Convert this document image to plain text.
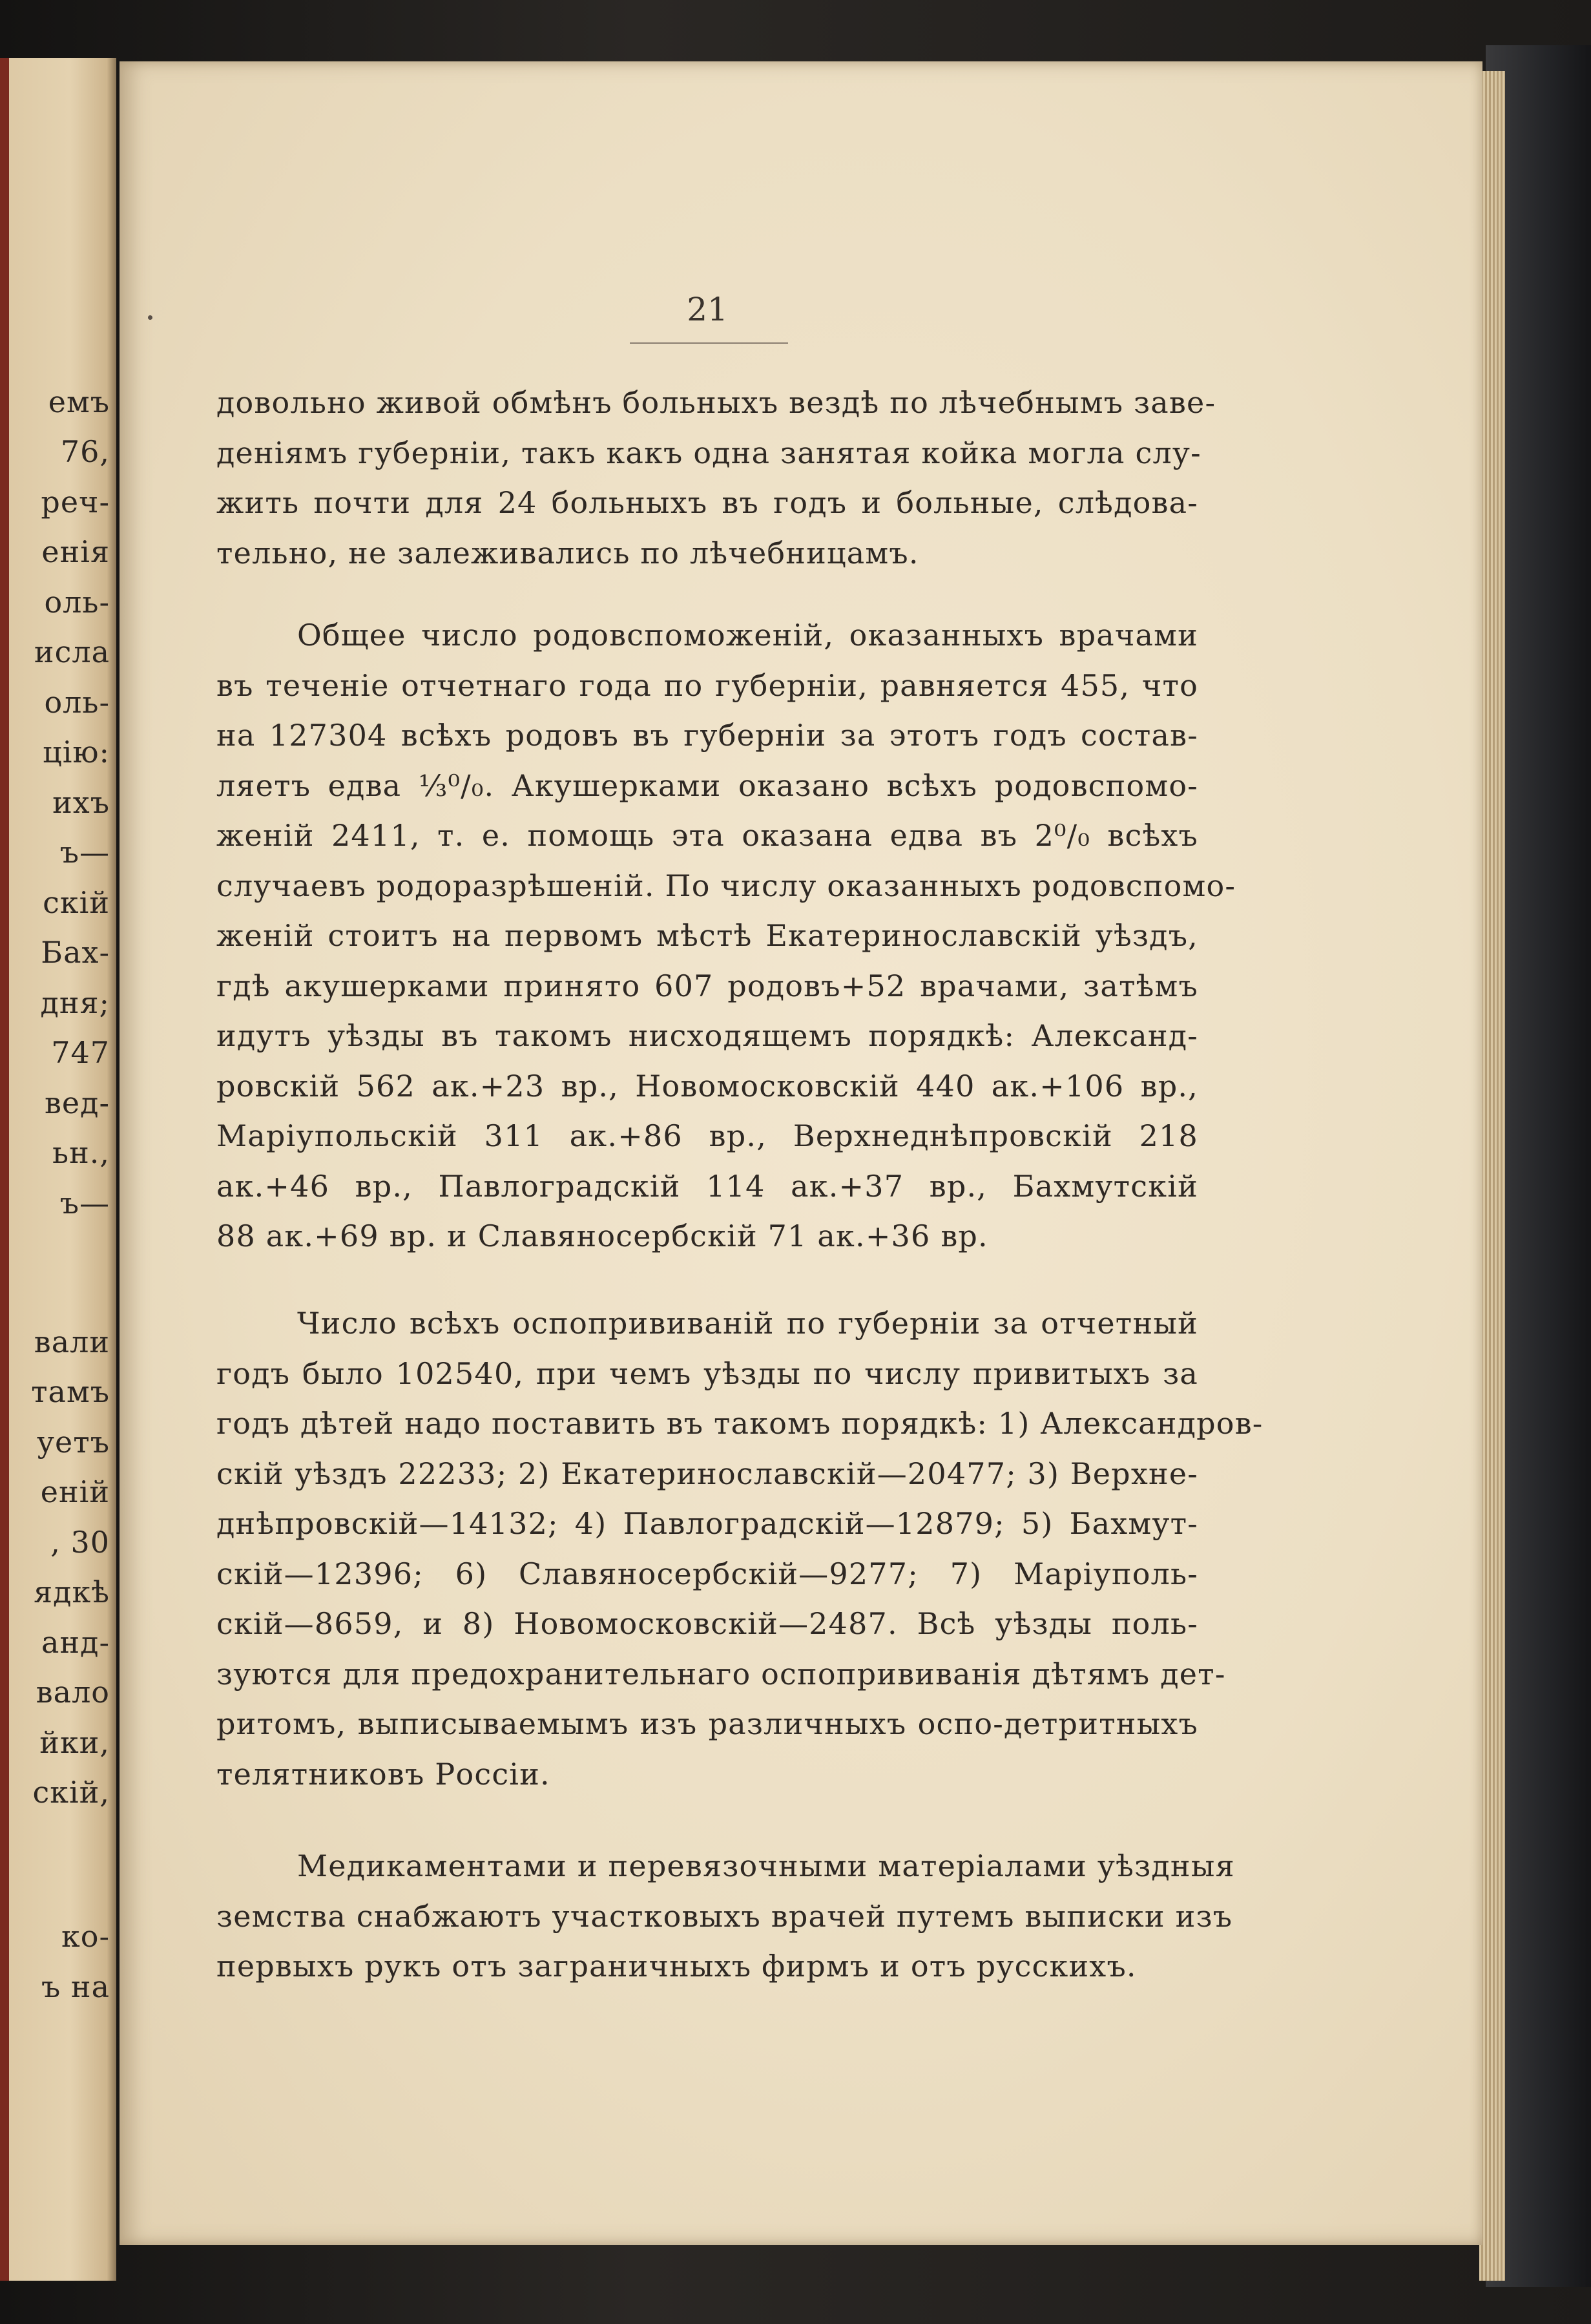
емъ
76,
реч-
енія
оль-
исла
оль-
цію:
ихъ
ъ—
скій
Бах-
дня;
747
вед-
ьн.,
ъ—
вали
тамъ
уетъ
еній
, 30
ядкѣ
анд-
вало
йки,
скій,
ко-
ъ на
21
довольно живой обмѣнъ больныхъ вездѣ по лѣчебнымъ заве-
деніямъ губерніи, такъ какъ одна занятая койка могла слу-
жить почти для 24 больныхъ въ годъ и больные, слѣдова-
тельно, не залеживались по лѣчебницамъ.
Общее число родовспоможеній, оказанныхъ врачами
въ теченіе отчетнаго года по губерніи, равняется 455, что
на 127304 всѣхъ родовъ въ губерніи за этотъ годъ состав-
ляетъ едва ⅓⁰/₀. Акушерками оказано всѣхъ родовспомо-
женій 2411, т. е. помощь эта оказана едва въ 2⁰/₀ всѣхъ
случаевъ родоразрѣшеній. По числу оказанныхъ родовспомо-
женій стоитъ на первомъ мѣстѣ Екатеринославскій уѣздъ,
гдѣ акушерками принято 607 родовъ+52 врачами, затѣмъ
идутъ уѣзды въ такомъ нисходящемъ порядкѣ: Александ-
ровскій 562 ак.+23 вр., Новомосковскій 440 ак.+106 вр.,
Маріупольскій 311 ак.+86 вр., Верхнеднѣпровскій 218
ак.+46 вр., Павлоградскій 114 ак.+37 вр., Бахмутскій
88 ак.+69 вр. и Славяносербскій 71 ак.+36 вр.
Число всѣхъ оспопрививаній по губерніи за отчетный
годъ было 102540, при чемъ уѣзды по числу привитыхъ за
годъ дѣтей надо поставить въ такомъ порядкѣ: 1) Александров-
скій уѣздъ 22233; 2) Екатеринославскій—20477; 3) Верхне-
днѣпровскій—14132; 4) Павлоградскій—12879; 5) Бахмут-
скій—12396; 6) Славяносербскій—9277; 7) Маріуполь-
скій—8659, и 8) Новомосковскій—2487. Всѣ уѣзды поль-
зуются для предохранительнаго оспопрививанія дѣтямъ дет-
ритомъ, выписываемымъ изъ различныхъ оспо-детритныхъ
телятниковъ Россіи.
Медикаментами и перевязочными матеріалами уѣздныя
земства снабжаютъ участковыхъ врачей путемъ выписки изъ
первыхъ рукъ отъ заграничныхъ фирмъ и отъ русскихъ.
